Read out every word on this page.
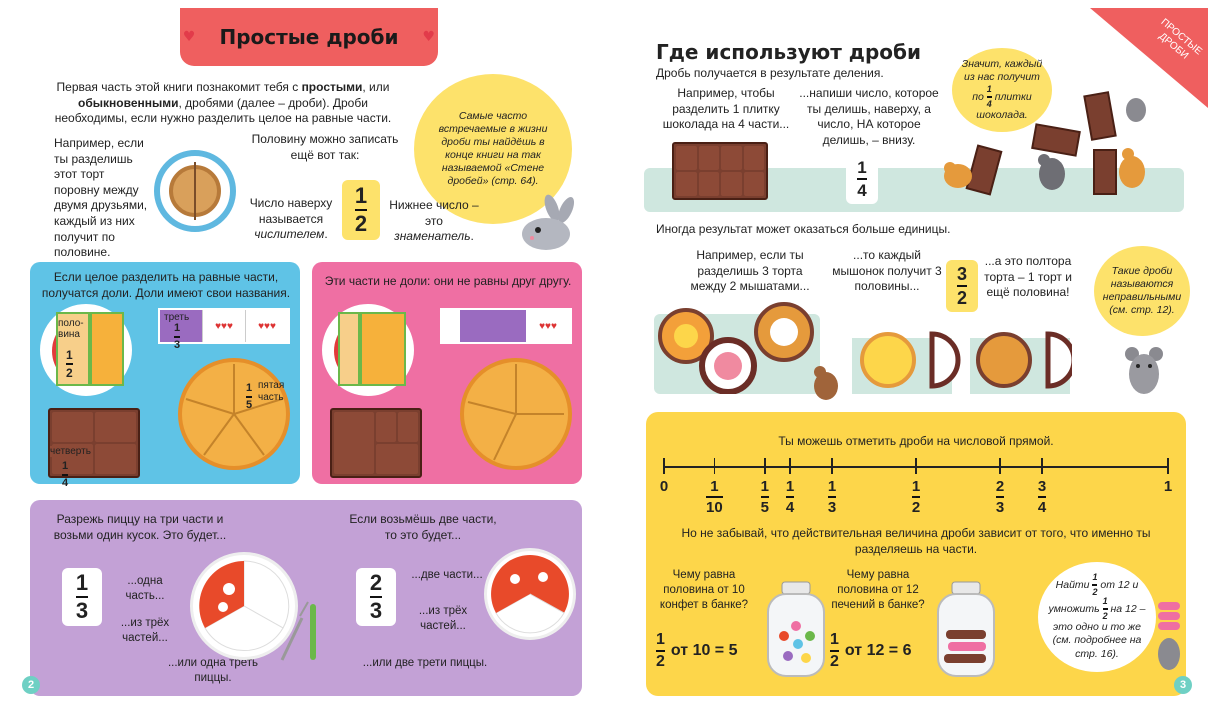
♥ Простые дроби ♥
Первая часть этой книги познакомит тебя с простыми, или обыкновенными, дробями (далее – дроби). Дроби необходимы, если нужно разделить целое на равные части.	Самые часто встречаемые в жизни дроби ты найдёшь в конце книги на так называемой «Стене дробей» (стр. 64).
Например, если ты разделишь этот торт поровну между двумя друзьями, каждый из них получит по половине.
Половину можно записать ещё вот так:
Число наверху называется числителем. $\frac{1}{2}$ Нижнее число – это знаменатель.
Если целое разделить на равные части, получатся доли. Доли имеют свои названия.
поло-вина
$\frac{1}{2}$
треть
$\frac{1}{3}$	♥♥♥	♥♥♥
$\frac{1}{5}$ пятая часть
четверть
$\frac{1}{4}$
Эти части не доли: они не равны друг другу.
♥♥♥
Разрежь пиццу на три части и возьми один кусок. Это будет...
$\frac{1}{3}$	...одна часть...
...из трёх частей...
...или одна треть пиццы.
Если возьмёшь две части, то это будет...
$\frac{2}{3}$	...две части...
...из трёх частей...
...или две трети пиццы.
2
ПРОСТЫЕ ДРОБИ
Где используют дроби
Дробь получается в результате деления.
Например, чтобы разделить 1 плитку шоколада на 4 части...
...напиши число, которое ты делишь, наверху, а число, НА которое делишь, – внизу.
$\frac{1}{4}$
Значит, каждый из нас получит по $\frac{1}{4}$ плитки шоколада.
Иногда результат может оказаться больше единицы.
Например, если ты разделишь 3 торта между 2 мышатами...
...то каждый мышонок получит 3 половины...	$\frac{3}{2}$
...а это полтора торта – 1 торт и ещё половина!
Такие дроби называются неправильными (см. стр. 12).
Ты можешь отметить дроби на числовой прямой.
0	$\frac{1}{10}$	$\frac{1}{5} \frac{1}{4} \frac{1}{3}$	$\frac{1}{2}$	$\frac{2}{3} \frac{3}{4}$	1
Но не забывай, что действительная величина дроби зависит от того, что именно ты разделяешь на части.
Чему равна половина от 10 конфет в банке?
$\frac{1}{2}$ от 10 = 5
Чему равна половина от 12 печений в банке?
$\frac{1}{2}$ от 12 = 6
Найти $\frac{1}{2}$ от 12 и умножить $\frac{1}{2}$ на 12 – это одно и то же (см. подробнее на стр. 16).
3
